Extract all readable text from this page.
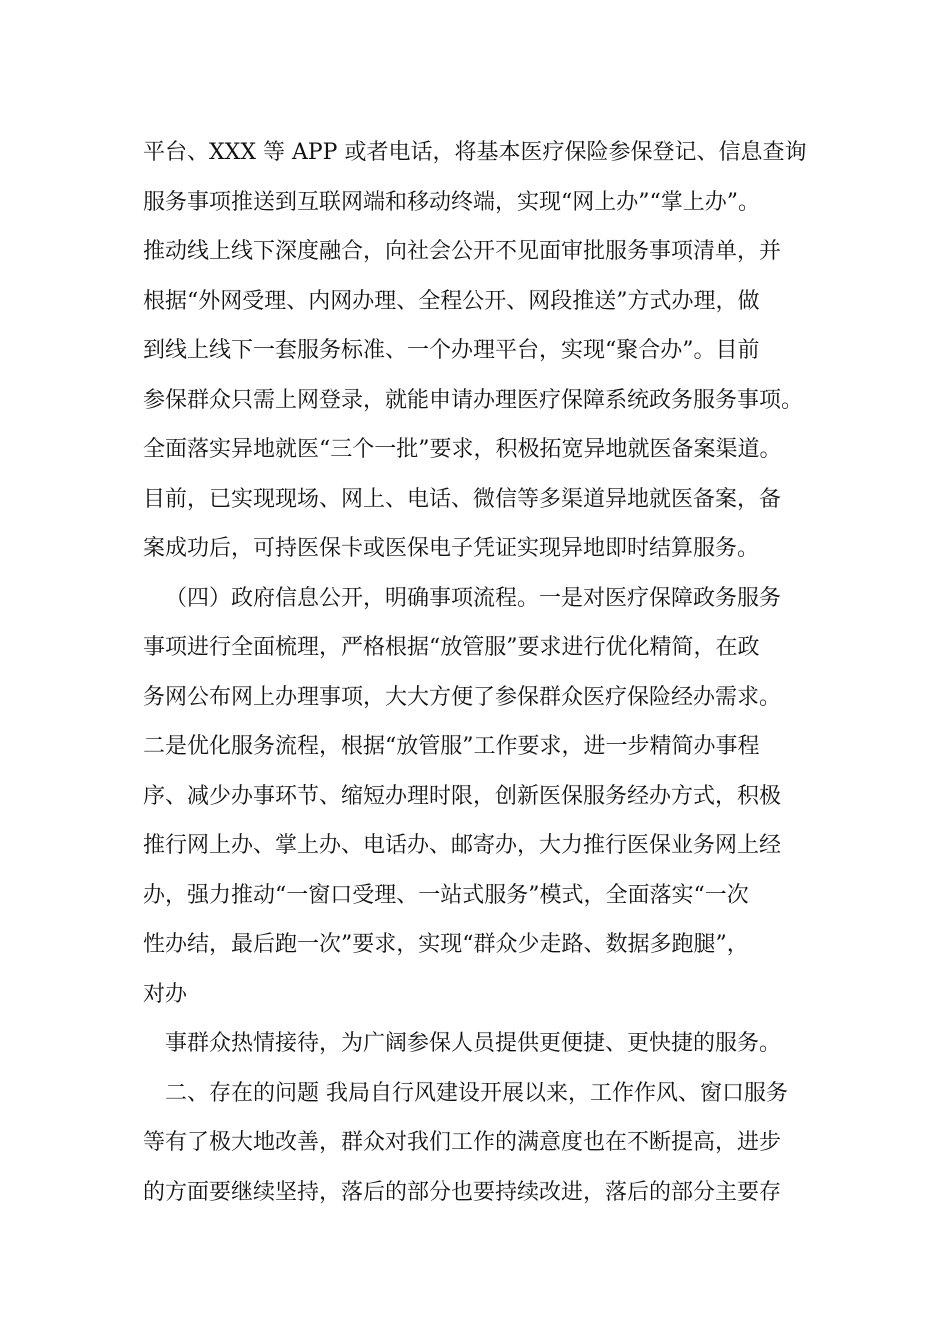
平台、XXX 等 APP 或者电话，将基本医疗保险参保登记、信息查询
服务事项推送到互联网端和移动终端，实现“网上办”“掌上办”。
推动线上线下深度融合，向社会公开不见面审批服务事项清单，并
根据“外网受理、内网办理、全程公开、网段推送”方式办理，做
到线上线下一套服务标准、一个办理平台，实现“聚合办”。目前
参保群众只需上网登录，就能申请办理医疗保障系统政务服务事项。
全面落实异地就医“三个一批”要求，积极拓宽异地就医备案渠道。
目前，已实现现场、网上、电话、微信等多渠道异地就医备案，备
案成功后，可持医保卡或医保电子凭证实现异地即时结算服务。
（四）政府信息公开，明确事项流程。一是对医疗保障政务服务
事项进行全面梳理，严格根据“放管服”要求进行优化精简，在政
务网公布网上办理事项，大大方便了参保群众医疗保险经办需求。
二是优化服务流程，根据“放管服”工作要求，进一步精简办事程
序、减少办事环节、缩短办理时限，创新医保服务经办方式，积极
推行网上办、掌上办、电话办、邮寄办，大力推行医保业务网上经
办，强力推动“一窗口受理、一站式服务”模式，全面落实“一次
性办结，最后跑一次”要求，实现“群众少走路、数据多跑腿”，
对办
事群众热情接待，为广阔参保人员提供更便捷、更快捷的服务。
二、存在的问题 我局自行风建设开展以来，工作作风、窗口服务
等有了极大地改善，群众对我们工作的满意度也在不断提高，进步
的方面要继续坚持，落后的部分也要持续改进，落后的部分主要存
